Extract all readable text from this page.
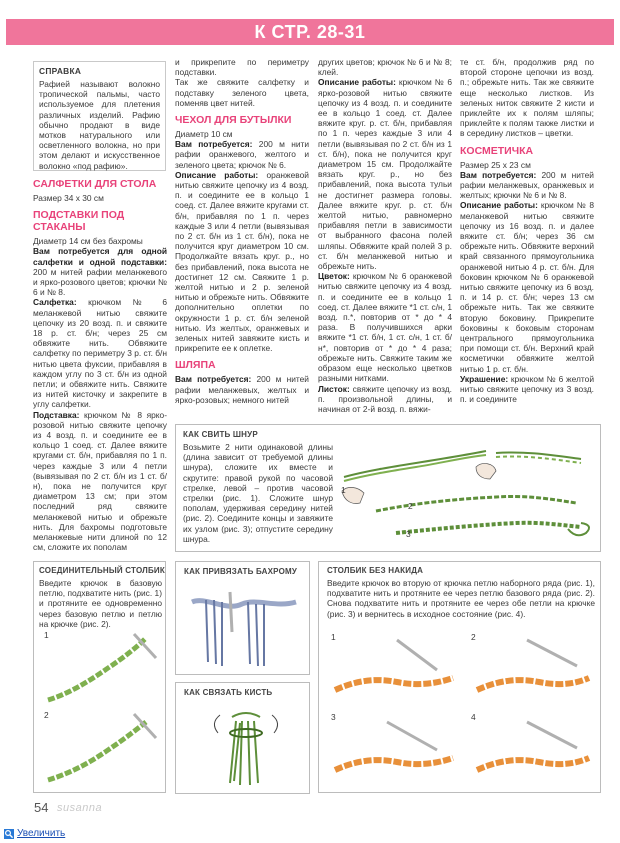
К СТР. 28-31
СПРАВКА
Рафией называют волокно тропической пальмы, часто используемое для плетения различных изделий. Рафию обычно продают в виде мотков натурального или осветленного волокна, но при этом делают и искусственное волокно «под рафию».
САЛФЕТКИ ДЛЯ СТОЛА
Размер 34 х 30 см
ПОДСТАВКИ ПОД СТАКАНЫ
Диаметр 14 см без бахромы
Вам потребуется для одной салфетки и одной подставки: 200 м нитей рафии меланжевого и ярко-розового цветов; крючки № 6 и № 8.
Салфетка: крючком № 6 меланжевой нитью свяжите цепочку из 20 возд. п. и свяжите 18 р. ст. б/н; через 25 см обвяжите нить. Обвяжите салфетку по периметру 3 р. ст. б/н нитью цвета фуксии, прибавляя в каждом углу по 3 ст. б/н из одной петли; и обвяжите нить. Свяжите из нитей кисточку и закрепите в углу салфетки.
Подставка: крючком № 8 ярко-розовой нитью свяжите цепочку из 4 возд. п. и соедините ее в кольцо 1 соед. ст. Далее вяжите кругами ст. б/н, прибавляя по 1 п. через каждые 3 или 4 петли (вывязывая по 2 ст. б/н из 1 ст. б/н), пока не получится круг диаметром 13 см; при этом последний ряд свяжите меланжевой нитью и обрежьте нить. Для бахромы подготовьте меланжевые нити длиной по 12 см, сложите их пополам
и прикрепите по периметру подставки.
Так же свяжите салфетку и подставку зеленого цвета, поменяв цвет нитей.
ЧЕХОЛ ДЛЯ БУТЫЛКИ
Диаметр 10 см
Вам потребуется: 200 м нити рафии оранжевого, желтого и зеленого цвета; крючок № 6.
Описание работы: оранжевой нитью свяжите цепочку из 4 возд. п. и соедините ее в кольцо 1 соед. ст. Далее вяжите кругами ст. б/н, прибавляя по 1 п. через каждые 3 или 4 петли (вывязывая по 2 ст. б/н из 1 ст. б/н), пока не получится круг диаметром 10 см. Продолжайте вязать круг. р., но без прибавлений, пока высота не достигнет 12 см. Свяжите 1 р. желтой нитью и 2 р. зеленой нитью и обрежьте нить. Обвяжите дополнительно оплетки по окружности 1 р. ст. б/н зеленой нитью. Из желтых, оранжевых и зеленых нитей завяжите кисть и прикрепите ее к оплетке.
ШЛЯПА
Вам потребуется: 200 м нитей рафии меланжевых, желтых и ярко-розовых; немного нитей
других цветов; крючок № 6 и № 8; клей.
Описание работы: крючком № 6 ярко-розовой нитью свяжите цепочку из 4 возд. п. и соедините ее в кольцо 1 соед. ст. Далее вяжите круг. р. ст. б/н, прибавляя по 1 п. через каждые 3 или 4 петли (вывязывая по 2 ст. б/н из 1 ст. б/н), пока не получится круг диаметром 15 см. Продолжайте вязать круг. р., но без прибавлений, пока высота тульи не достигнет размера головы. Далее вяжите круг. р. ст. б/н желтой нитью, равномерно прибавляя петли в зависимости от выбранного фасона полей шляпы. Обвяжите край полей 3 р. ст. б/н меланжевой нитью и обрежьте нить.
Цветок: крючком № 6 оранжевой нитью свяжите цепочку из 4 возд. п. и соедините ее в кольцо 1 соед. ст. Далее вяжите *1 ст. с/н, 1 возд. п.*, повторив от * до * 4 раза. В получившихся арки вяжите *1 ст. б/н, 1 ст. с/н, 1 ст. б/н*, повторив от * до * 4 раза; обрежьте нить. Свяжите таким же образом еще несколько цветков разными нитками.
Листок: свяжите цепочку из возд. п. произвольной длины, и начиная от 2-й возд. п. вяжи-
те ст. б/н, продолжив ряд по второй стороне цепочки из возд. п.; обрежьте нить. Так же свяжите еще несколько листков. Из зеленых ниток свяжите 2 кисти и приклейте их к полям шляпы; приклейте к полям также листки и в середину листков – цветки.
КОСМЕТИЧКА
Размер 25 х 23 см
Вам потребуется: 200 м нитей рафии меланжевых, оранжевых и желтых; крючки № 6 и № 8.
Описание работы: крючком № 8 меланжевой нитью свяжите цепочку из 16 возд. п. и далее вяжите ст. б/н; через 36 см обрежьте нить. Обвяжите верхний край связанного прямоугольника оранжевой нитью 4 р. ст. б/н. Для боковин крючком № 6 оранжевой нитью свяжите цепочку из 6 возд. п. и 14 р. ст. б/н; через 13 см обрежьте нить. Так же свяжите вторую боковину. Прикрепите боковины к боковым сторонам центрального прямоугольника при помощи ст. б/н. Верхний край косметички обвяжите желтой нитью 1 р. ст. б/н.
Украшение: крючком № 6 желтой нитью свяжите цепочку из 3 возд. п. и соедините
КАК СВИТЬ ШНУР
Возьмите 2 нити одинаковой длины (длина зависит от требуемой длины шнура), сложите их вместе и скрутите: правой рукой по часовой стрелке, левой – против часовой стрелки (рис. 1). Сложите шнур пополам, удерживая середину нитей (рис. 2). Соедините концы и завяжите их узлом (рис. 3); отпустите середину шнура.
1
2
3
СОЕДИНИТЕЛЬНЫЙ СТОЛБИК
Введите крючок в базовую петлю, подхватите нить (рис. 1) и протяните ее одновременно через базовую петлю и петлю на крючке (рис. 2).
1
2
КАК ПРИВЯЗАТЬ БАХРОМУ
КАК СВЯЗАТЬ КИСТЬ
СТОЛБИК БЕЗ НАКИДА
Введите крючок во вторую от крючка петлю наборного ряда (рис. 1), подхватите нить и протяните ее через петлю базового ряда (рис. 2). Снова подхватите нить и протяните ее через обе петли на крючке (рис. 3) и вернитесь в исходное состояние (рис. 4).
1	2
3	4
54 susanna
Увеличить
